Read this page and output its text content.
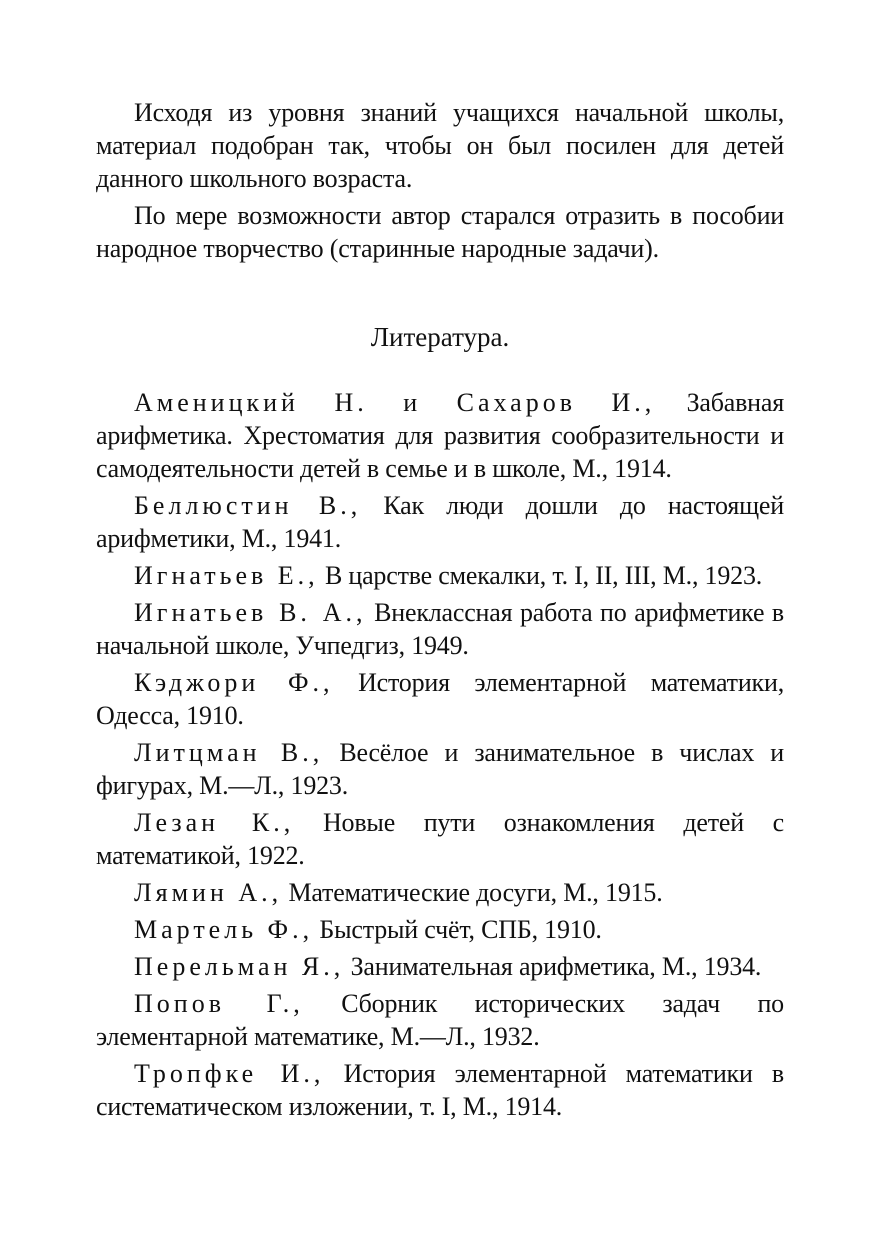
Исходя из уровня знаний учащихся начальной школы, материал подобран так, чтобы он был посилен для детей данного школьного возраста.

По мере возможности автор старался отразить в пособии народное творчество (старинные народные задачи).

Литература.

Аменицкий Н. и Сахаров И., Забавная арифметика. Хрестоматия для развития сообразительности и самодеятельности детей в семье и в школе, М., 1914.

Беллюстин В., Как люди дошли до настоящей арифметики, М., 1941.

Игнатьев Е., В царстве смекалки, т. I, II, III, М., 1923.

Игнатьев В. А., Внеклассная работа по арифметике в начальной школе, Учпедгиз, 1949.

Кэджори Ф., История элементарной математики, Одесса, 1910.

Литцман В., Весёлое и занимательное в числах и фигурах, М.—Л., 1923.

Лезан К., Новые пути ознакомления детей с математикой, 1922.

Лямин А., Математические досуги, М., 1915.

Мартель Ф., Быстрый счёт, СПБ, 1910.

Перельман Я., Занимательная арифметика, М., 1934.

Попов Г., Сборник исторических задач по элементарной математике, М.—Л., 1932.

Тропфке И., История элементарной математики в систематическом изложении, т. I, М., 1914.
